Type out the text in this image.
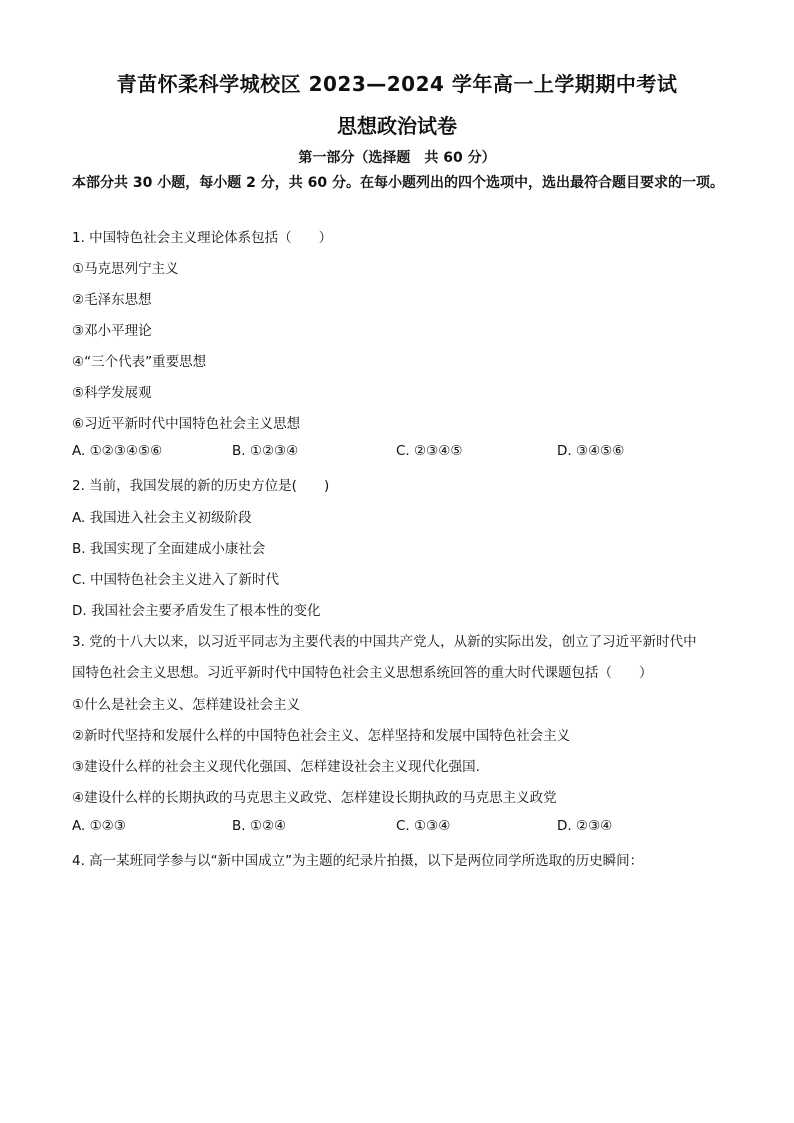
青苗怀柔科学城校区 2023—2024 学年高一上学期期中考试
思想政治试卷
第一部分（选择题　共 60 分）
本部分共 30 小题，每小题 2 分，共 60 分。在每小题列出的四个选项中，选出最符合题目要求的一项。
1. 中国特色社会主义理论体系包括（　　）
①马克思列宁主义
②毛泽东思想
③邓小平理论
④“三个代表”重要思想
⑤科学发展观
⑥习近平新时代中国特色社会主义思想
A. ①②③④⑤⑥	B. ①②③④	C. ②③④⑤	D. ③④⑤⑥
2. 当前，我国发展的新的历史方位是(　　)
A. 我国进入社会主义初级阶段
B. 我国实现了全面建成小康社会
C. 中国特色社会主义进入了新时代
D. 我国社会主要矛盾发生了根本性的变化
3. 党的十八大以来，以习近平同志为主要代表的中国共产党人，从新的实际出发，创立了习近平新时代中
国特色社会主义思想。习近平新时代中国特色社会主义思想系统回答的重大时代课题包括（　　）
①什么是社会主义、怎样建设社会主义
②新时代坚持和发展什么样的中国特色社会主义、怎样坚持和发展中国特色社会主义
③建设什么样的社会主义现代化强国、怎样建设社会主义现代化强国.
④建设什么样的长期执政的马克思主义政党、怎样建设长期执政的马克思主义政党
A. ①②③	B. ①②④	C. ①③④	D. ②③④
4. 高一某班同学参与以“新中国成立”为主题的纪录片拍摄，以下是两位同学所选取的历史瞬间：
